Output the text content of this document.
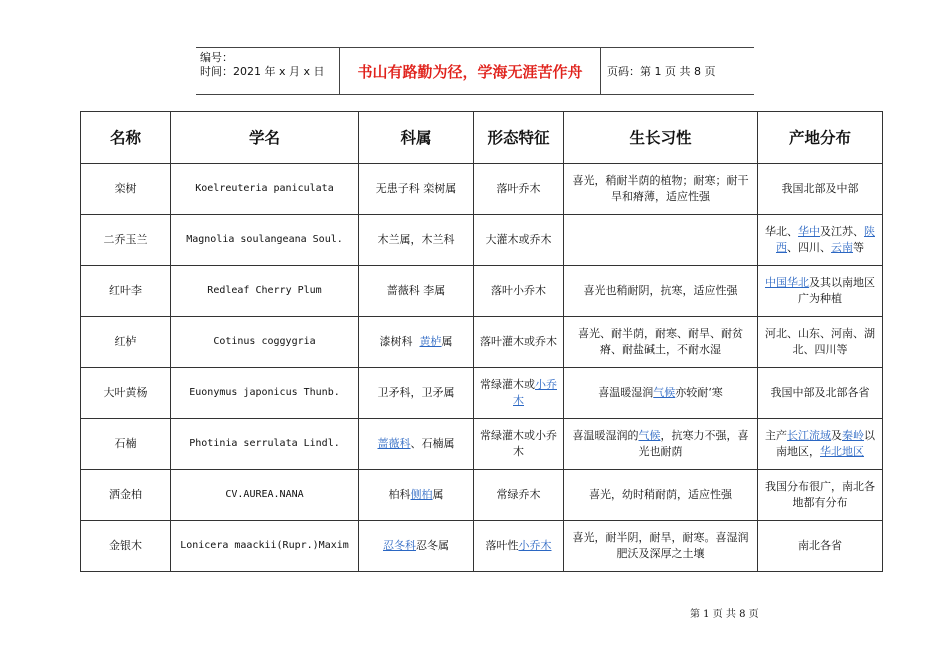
编号：
时间：2021 年 x 月 x 日	书山有路勤为径，学海无涯苦作舟	页码：第 1 页 共 8 页
名称	学名	科属	形态特征	生长习性	产地分布
栾树	Koelreuteria paniculata	无患子科 栾树属	落叶乔木	喜光，稍耐半荫的植物；耐寒；耐干旱和瘠薄，适应性强	我国北部及中部
二乔玉兰	Magnolia soulangeana Soul.	木兰属，木兰科	大灌木或乔木		华北、华中及江苏、陕西、四川、云南等
红叶李	Redleaf Cherry Plum	蔷薇科 李属	落叶小乔木	喜光也稍耐阴，抗寒，适应性强	中国华北及其以南地区广为种植
红栌	Cotinus coggygria	漆树科  黄栌属	落叶灌木或乔木	喜光、耐半荫，耐寒、耐旱、耐贫瘠、耐盐碱土，不耐水湿	河北、山东、河南、湖北、四川等
大叶黄杨	Euonymus japonicus Thunb.	卫矛科，卫矛属	常绿灌木或小乔木	喜温暖湿润气候亦较耐‘寒	我国中部及北部各省
石楠	Photinia serrulata Lindl.	蔷薇科、石楠属	常绿灌木或小乔木	喜温暖湿润的气候，抗寒力不强，喜光也耐荫	主产长江流域及秦岭以南地区，华北地区
洒金柏	CV.AUREA.NANA	柏科侧柏属	常绿乔木	喜光，幼时稍耐荫，适应性强	我国分布很广，南北各地都有分布
金银木	Lonicera maackii(Rupr.)Maxim	忍冬科忍冬属	落叶性小乔木	喜光，耐半阴，耐旱，耐寒。喜湿润肥沃及深厚之土壤	南北各省
第 1 页 共 8 页
